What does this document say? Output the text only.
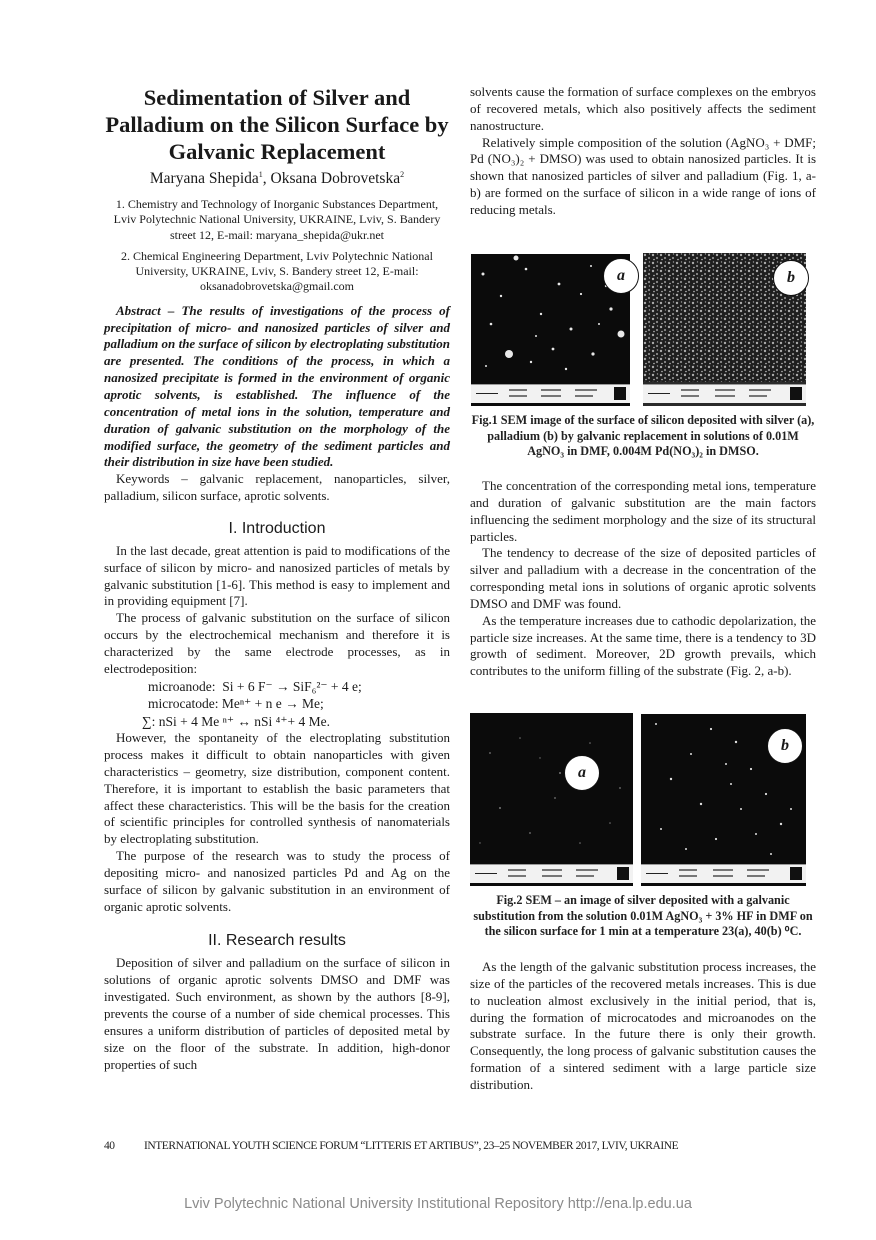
Sedimentation of Silver and Palladium on the Silicon Surface by Galvanic Replacement
Maryana Shepida$^1$, Oksana Dobrovetska$^2$
1. Chemistry and Technology of Inorganic Substances Department, Lviv Polytechnic National University, UKRAINE, Lviv, S. Bandery street 12, E-mail: maryana_shepida@ukr.net
2. Chemical Engineering Department, Lviv Polytechnic National University, UKRAINE, Lviv, S. Bandery street 12, E-mail: oksanadobrovetska@gmail.com

Abstract – The results of investigations of the process of precipitation of micro- and nanosized particles of silver and palladium on the surface of silicon by electroplating substitution are presented. The conditions of the process, in which a nanosized precipitate is formed in the environment of organic aprotic solvents, is established. The influence of the concentration of metal ions in the solution, temperature and duration of galvanic substitution on the morphology of the modified surface, the geometry of the sediment particles and their distribution in size have been studied.

Keywords – galvanic replacement, nanoparticles, silver, palladium, silicon surface, aprotic solvents.

I. Introduction

In the last decade, great attention is paid to modifications of the surface of silicon by micro- and nanosized particles of metals by galvanic substitution [1-6]. This method is easy to implement and in providing equipment [7].

The process of galvanic substitution on the surface of silicon occurs by the electrochemical mechanism and therefore it is characterized by the same electrode processes, as in electrodeposition:

microanode: Si + 6 F⁻ → SiF₆²⁻ + 4 e;
microcatode: Meⁿ⁺ + n e → Me;
∑: nSi + 4 Me ⁿ⁺ ↔ nSi ⁴⁺+ 4 Me.

However, the spontaneity of the electroplating substitution process makes it difficult to obtain nanoparticles with given characteristics – geometry, size distribution, component content. Therefore, it is important to establish the basic parameters that affect these characteristics. This will be the basis for the creation of scientific principles for controlled synthesis of nanomaterials by electroplating substitution.

The purpose of the research was to study the process of depositing micro- and nanosized particles Pd and Ag on the surface of silicon by galvanic substitution in an environment of organic aprotic solvents.

II. Research results

Deposition of silver and palladium on the surface of silicon in solutions of organic aprotic solvents DMSO and DMF was investigated. Such environment, as shown by the authors [8-9], prevents the course of a number of side chemical processes. This ensures a uniform distribution of particles of deposited metal by size on the floor of the substrate. In addition, high-donor properties of such

solvents cause the formation of surface complexes on the embryos of recovered metals, which also positively affects the sediment nanostructure.

Relatively simple composition of the solution (AgNO₃ + DMF; Pd (NO₃)₂ + DMSO) was used to obtain nanosized particles. It is shown that nanosized particles of silver and palladium (Fig. 1, a-b) are formed on the surface of silicon in a wide range of ions of reducing metals.

a	b
Fig.1 SEM image of the surface of silicon deposited with silver (a), palladium (b) by galvanic replacement in solutions of 0.01M AgNO₃ in DMF, 0.004M Pd(NO₃)₂ in DMSO.

The concentration of the corresponding metal ions, temperature and duration of galvanic substitution are the main factors influencing the sediment morphology and the size of its structural particles.

The tendency to decrease of the size of deposited particles of silver and palladium with a decrease in the concentration of the corresponding metal ions in solutions of organic aprotic solvents DMSO and DMF was found.

As the temperature increases due to cathodic depolarization, the particle size increases. At the same time, there is a tendency to 3D growth of sediment. Moreover, 2D growth prevails, which contributes to the uniform filling of the substrate (Fig. 2, a-b).

a
b
Fig.2 SEM – an image of silver deposited with a galvanic substitution from the solution 0.01M AgNO₃ + 3% HF in DMF on the silicon surface for 1 min at a temperature 23(a), 40(b) ⁰C.

As the length of the galvanic substitution process increases, the size of the particles of the recovered metals increases. This is due to nucleation almost exclusively in the initial period, that is, during the formation of microcatodes and microanodes on the substrate surface. In the future there is only their growth. Consequently, the long process of galvanic substitution causes the formation of a sintered sediment with a large particle size distribution.

40	INTERNATIONAL YOUTH SCIENCE FORUM “LITTERIS ET ARTIBUS”, 23–25 NOVEMBER 2017, LVIV, UKRAINE
Lviv Polytechnic National University Institutional Repository http://ena.lp.edu.ua
